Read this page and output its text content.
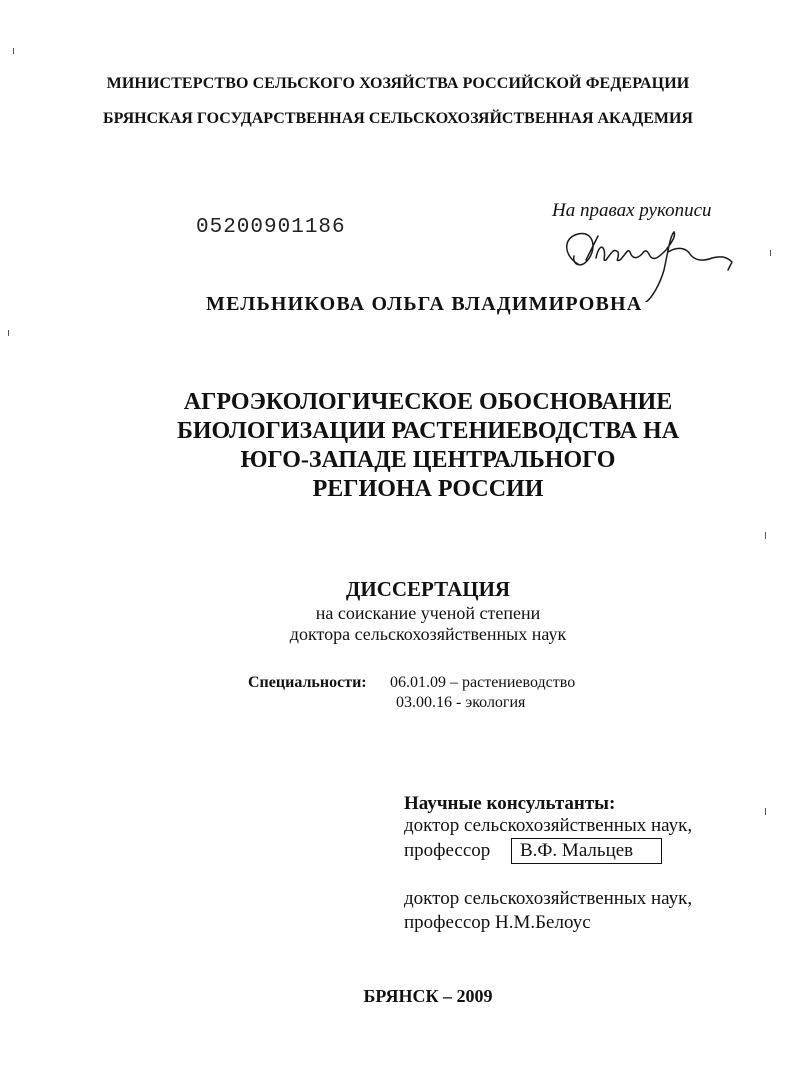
МИНИСТЕРСТВО СЕЛЬСКОГО ХОЗЯЙСТВА РОССИЙСКОЙ ФЕДЕРАЦИИ
БРЯНСКАЯ ГОСУДАРСТВЕННАЯ СЕЛЬСКОХОЗЯЙСТВЕННАЯ АКАДЕМИЯ
05200901186
На правах рукописи
МЕЛЬНИКОВА ОЛЬГА ВЛАДИМИРОВНА
АГРОЭКОЛОГИЧЕСКОЕ ОБОСНОВАНИЕ
БИОЛОГИЗАЦИИ РАСТЕНИЕВОДСТВА НА
ЮГО-ЗАПАДЕ ЦЕНТРАЛЬНОГО
РЕГИОНА РОССИИ
ДИССЕРТАЦИЯ
на соискание ученой степени
доктора сельскохозяйственных наук
Специальности: 06.01.09 – растениеводство
03.00.16 - экология
Научные консультанты:
доктор сельскохозяйственных наук,
профессор	В.Ф. Мальцев
доктор сельскохозяйственных наук,
профессор Н.М.Белоус
БРЯНСК – 2009
